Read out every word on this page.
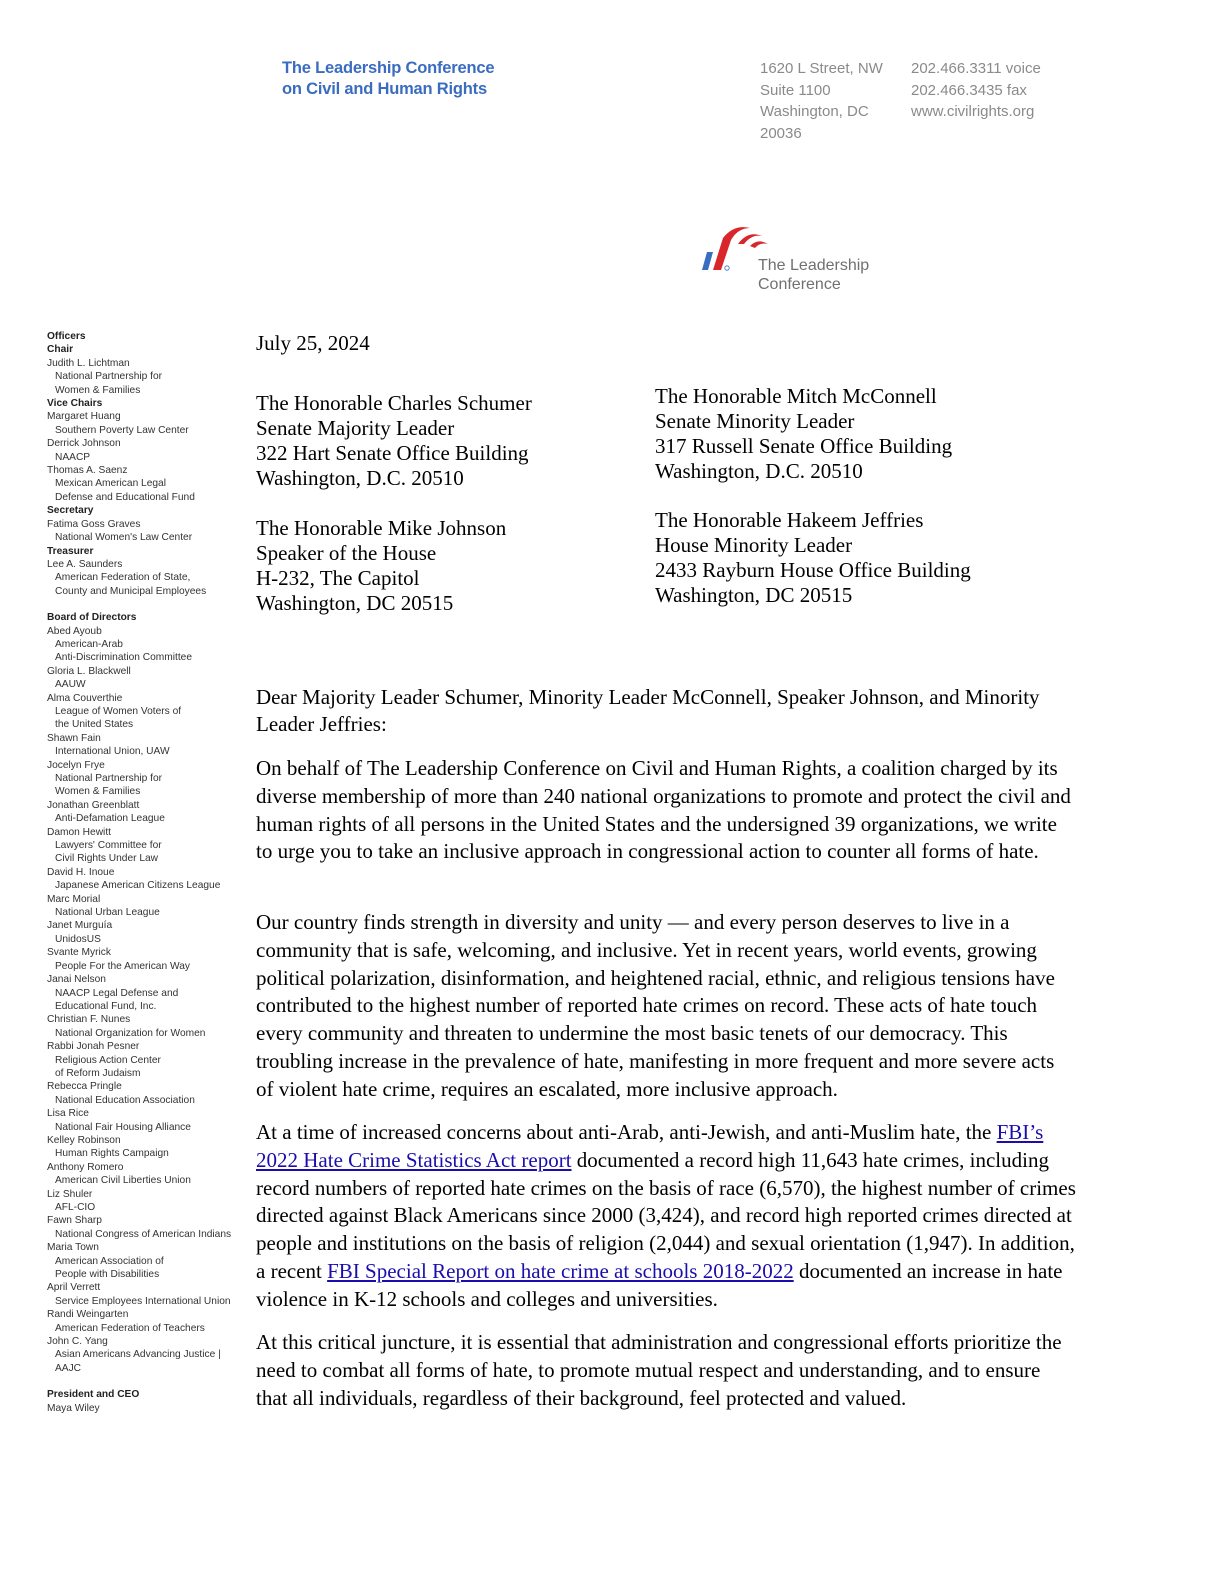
The Leadership Conference
on Civil and Human Rights
1620 L Street, NW
Suite 1100
Washington, DC
20036
202.466.3311 voice
202.466.3435 fax
www.civilrights.org
The Leadership
Conference
Officers
Chair
Judith L. Lichtman
National Partnership for
Women & Families
Vice Chairs
Margaret Huang
Southern Poverty Law Center
Derrick Johnson
NAACP
Thomas A. Saenz
Mexican American Legal
Defense and Educational Fund
Secretary
Fatima Goss Graves
National Women's Law Center
Treasurer
Lee A. Saunders
American Federation of State,
County and Municipal Employees
Board of Directors
Abed Ayoub
American-Arab
Anti-Discrimination Committee
Gloria L. Blackwell
AAUW
Alma Couverthie
League of Women Voters of
the United States
Shawn Fain
International Union, UAW
Jocelyn Frye
National Partnership for
Women & Families
Jonathan Greenblatt
Anti-Defamation League
Damon Hewitt
Lawyers' Committee for
Civil Rights Under Law
David H. Inoue
Japanese American Citizens League
Marc Morial
National Urban League
Janet Murguía
UnidosUS
Svante Myrick
People For the American Way
Janai Nelson
NAACP Legal Defense and
Educational Fund, Inc.
Christian F. Nunes
National Organization for Women
Rabbi Jonah Pesner
Religious Action Center
of Reform Judaism
Rebecca Pringle
National Education Association
Lisa Rice
National Fair Housing Alliance
Kelley Robinson
Human Rights Campaign
Anthony Romero
American Civil Liberties Union
Liz Shuler
AFL-CIO
Fawn Sharp
National Congress of American Indians
Maria Town
American Association of
People with Disabilities
April Verrett
Service Employees International Union
Randi Weingarten
American Federation of Teachers
John C. Yang
Asian Americans Advancing Justice |
AAJC
President and CEO
Maya Wiley
July 25, 2024
The Honorable Charles Schumer
Senate Majority Leader
322 Hart Senate Office Building
Washington, D.C. 20510
The Honorable Mitch McConnell
Senate Minority Leader
317 Russell Senate Office Building
Washington, D.C. 20510
The Honorable Mike Johnson
Speaker of the House
H-232, The Capitol
Washington, DC 20515
The Honorable Hakeem Jeffries
House Minority Leader
2433 Rayburn House Office Building
Washington, DC 20515
Dear Majority Leader Schumer, Minority Leader McConnell, Speaker Johnson, and Minority Leader Jeffries:

On behalf of The Leadership Conference on Civil and Human Rights, a coalition charged by its diverse membership of more than 240 national organizations to promote and protect the civil and human rights of all persons in the United States and the undersigned 39 organizations, we write to urge you to take an inclusive approach in congressional action to counter all forms of hate.

Our country finds strength in diversity and unity — and every person deserves to live in a community that is safe, welcoming, and inclusive. Yet in recent years, world events, growing political polarization, disinformation, and heightened racial, ethnic, and religious tensions have contributed to the highest number of reported hate crimes on record. These acts of hate touch every community and threaten to undermine the most basic tenets of our democracy. This troubling increase in the prevalence of hate, manifesting in more frequent and more severe acts of violent hate crime, requires an escalated, more inclusive approach.

At a time of increased concerns about anti-Arab, anti-Jewish, and anti-Muslim hate, the FBI’s 2022 Hate Crime Statistics Act report documented a record high 11,643 hate crimes, including record numbers of reported hate crimes on the basis of race (6,570), the highest number of crimes directed against Black Americans since 2000 (3,424), and record high reported crimes directed at people and institutions on the basis of religion (2,044) and sexual orientation (1,947). In addition, a recent FBI Special Report on hate crime at schools 2018-2022 documented an increase in hate violence in K-12 schools and colleges and universities.

At this critical juncture, it is essential that administration and congressional efforts prioritize the need to combat all forms of hate, to promote mutual respect and understanding, and to ensure that all individuals, regardless of their background, feel protected and valued.
